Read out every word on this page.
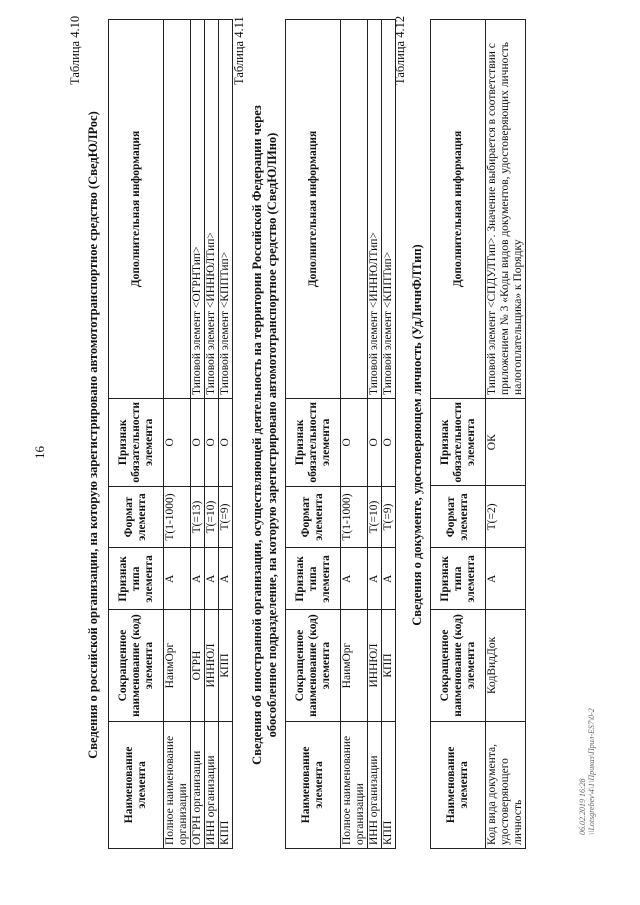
16
Таблица 4.10
Сведения о российской организации, на которую зарегистрировано автомототранспортное средство (СведЮЛРос)
Наименование элемента	Сокращенное наименование (код) элемента	Признак типа элемента	Формат элемента	Признак обязательности элемента	Дополнительная информация
Полное наименование организации	НаимОрг	А	T(1-1000)	О	
ОГРН организации	ОГРН	А	T(=13)	О	Типовой элемент <ОГРНТип>
ИНН организации	ИННЮЛ	А	T(=10)	О	Типовой элемент <ИННЮЛТип>
КПП	КПП	А	T(=9)	О	Типовой элемент <КППТип>
Таблица 4.11
Сведения об иностранной организации, осуществляющей деятельность на территории Российской Федерации через обособленное подразделение, на которую зарегистрировано автомототранспортное средство (СведЮЛИно)
Наименование элемента	Сокращенное наименование (код) элемента	Признак типа элемента	Формат элемента	Признак обязательности элемента	Дополнительная информация
Полное наименование организации	НаимОрг	А	T(1-1000)	О	
ИНН организации	ИННЮЛ	А	T(=10)	О	Типовой элемент <ИННЮЛТип>
КПП	КПП	А	T(=9)	О	Типовой элемент <КППТип>
Таблица 4.12
Сведения о документе, удостоверяющем личность (УдЛичнФЛТип)
Наименование элемента	Сокращенное наименование (код) элемента	Признак типа элемента	Формат элемента	Признак обязательности элемента	Дополнительная информация
Код вида документа, удостоверяющего личность	КодВидДок	А	T(=2)	ОК	Типовой элемент <СПДУЛТип>. Значение выбирается в соответствии с приложением № 3 «Коды видов документов, удостоверяющих личность налогоплательщика» к Порядку
06.02.2019 16:28 \\Lotsgrebev\4\1\Приказ\Прил-ES7\0-2
